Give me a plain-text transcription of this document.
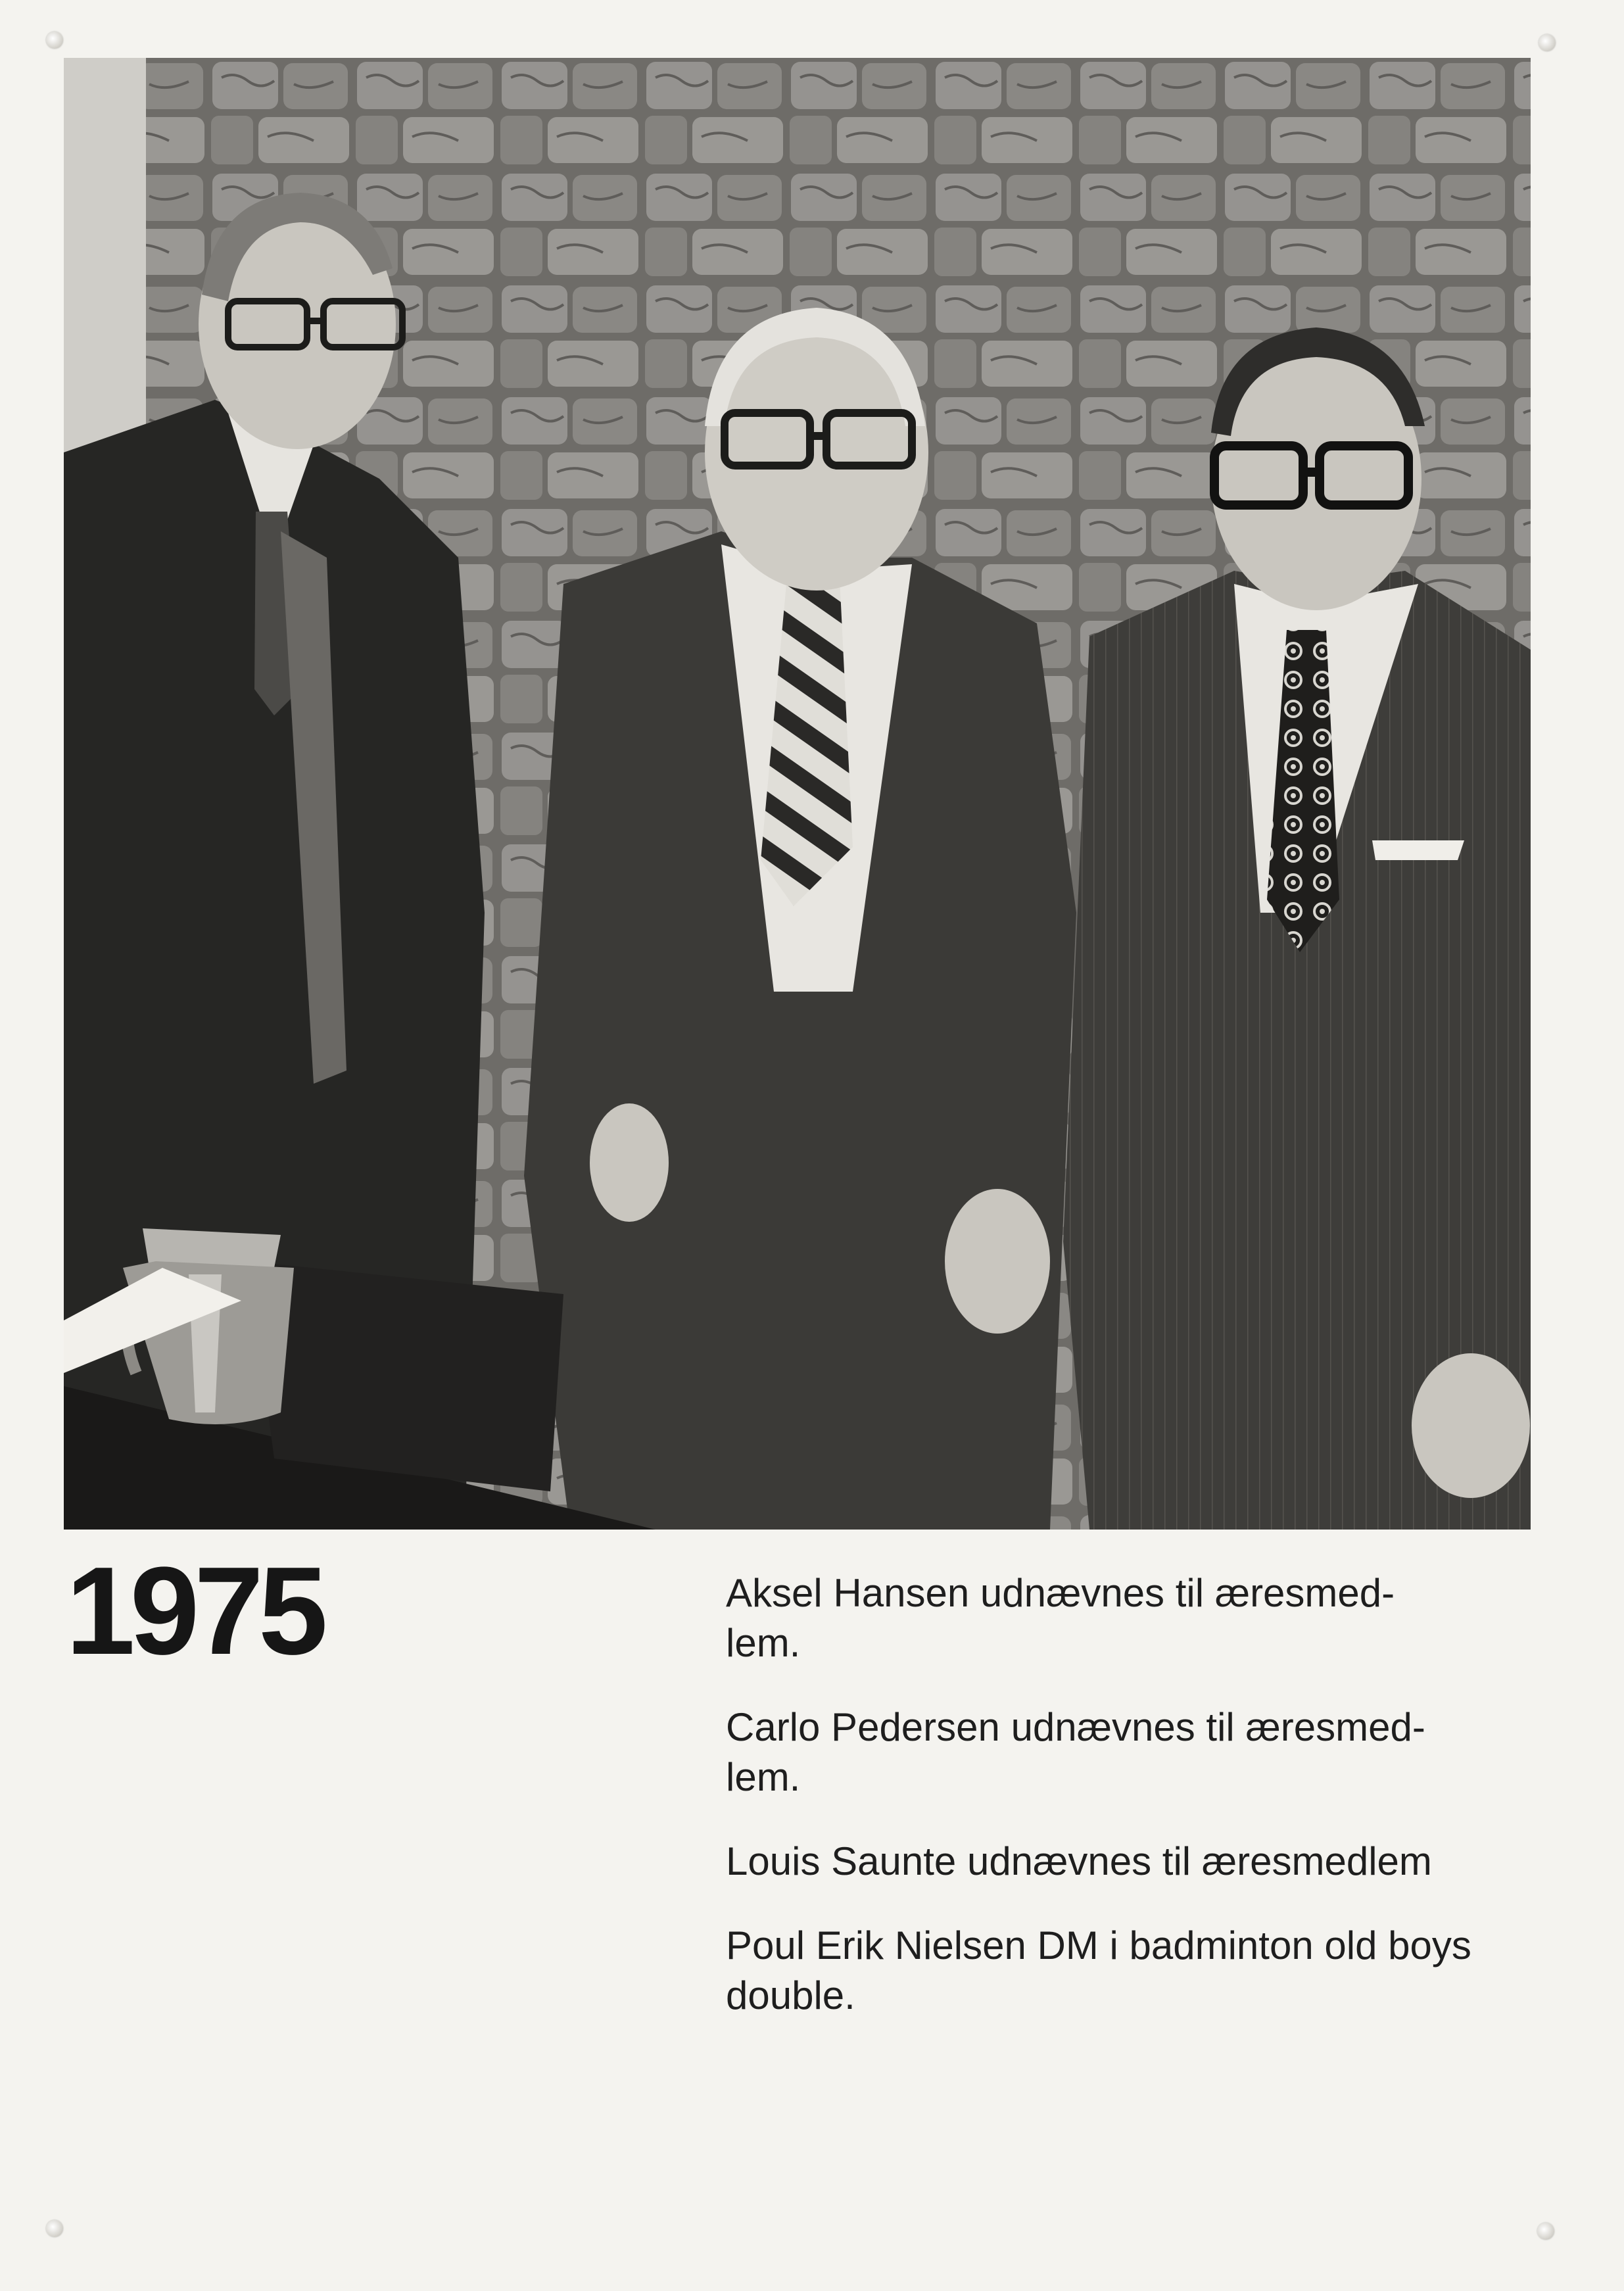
1975	Aksel Hansen udnævnes til æresmed-
lem.

Carlo Pedersen udnævnes til æresmed-
lem.

Louis Saunte udnævnes til æresmedlem

Poul Erik Nielsen DM i badminton old boys
double.
